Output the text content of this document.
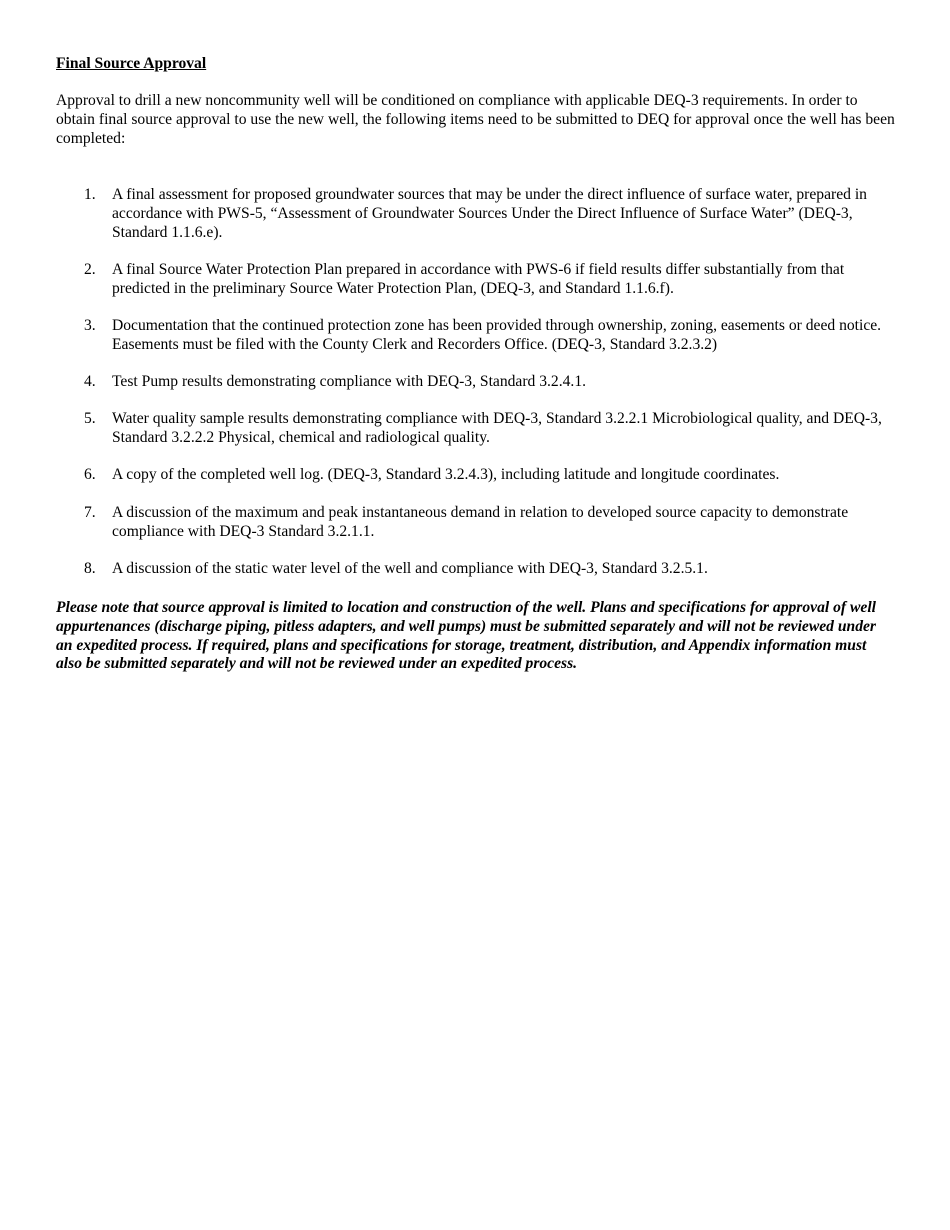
Final Source Approval

Approval to drill a new noncommunity well will be conditioned on compliance with applicable DEQ-3 requirements. In order to obtain final source approval to use the new well, the following items need to be submitted to DEQ for approval once the well has been completed:

1. A final assessment for proposed groundwater sources that may be under the direct influence of surface water, prepared in accordance with PWS-5, “Assessment of Groundwater Sources Under the Direct Influence of Surface Water” (DEQ-3, Standard 1.1.6.e).
2. A final Source Water Protection Plan prepared in accordance with PWS-6 if field results differ substantially from that predicted in the preliminary Source Water Protection Plan, (DEQ-3, and Standard 1.1.6.f).
3. Documentation that the continued protection zone has been provided through ownership, zoning, easements or deed notice. Easements must be filed with the County Clerk and Recorders Office. (DEQ-3, Standard 3.2.3.2)
4. Test Pump results demonstrating compliance with DEQ-3, Standard 3.2.4.1.
5. Water quality sample results demonstrating compliance with DEQ-3, Standard 3.2.2.1 Microbiological quality, and DEQ-3, Standard 3.2.2.2 Physical, chemical and radiological quality.
6. A copy of the completed well log. (DEQ-3, Standard 3.2.4.3), including latitude and longitude coordinates.
7. A discussion of the maximum and peak instantaneous demand in relation to developed source capacity to demonstrate compliance with DEQ-3 Standard 3.2.1.1.
8. A discussion of the static water level of the well and compliance with DEQ-3, Standard 3.2.5.1.

Please note that source approval is limited to location and construction of the well. Plans and specifications for approval of well appurtenances (discharge piping, pitless adapters, and well pumps) must be submitted separately and will not be reviewed under an expedited process. If required, plans and specifications for storage, treatment, distribution, and Appendix information must also be submitted separately and will not be reviewed under an expedited process.
